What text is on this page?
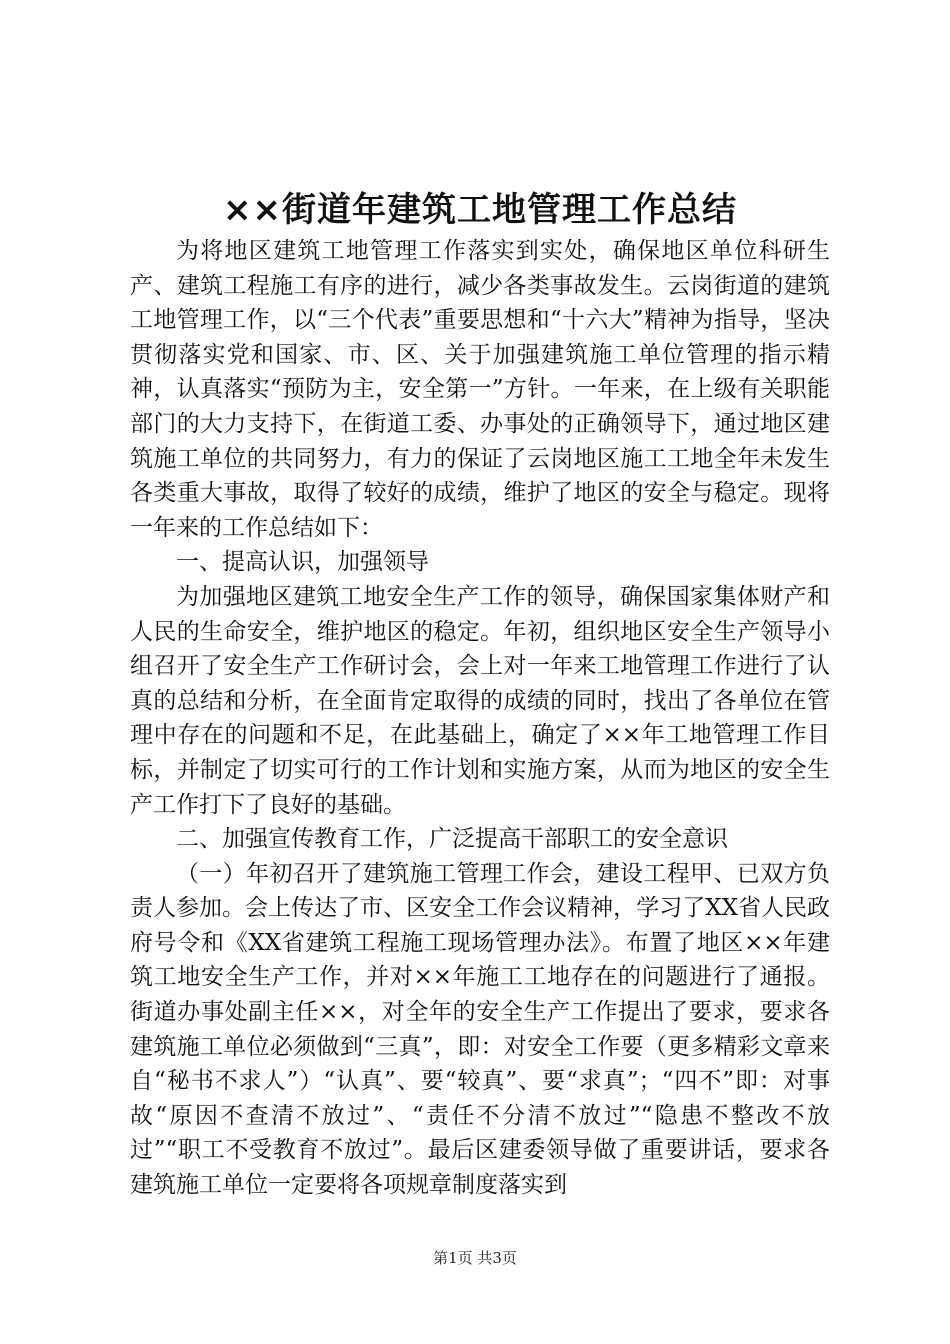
××街道年建筑工地管理工作总结

为将地区建筑工地管理工作落实到实处，确保地区单位科研生产、建筑工程施工有序的进行，减少各类事故发生。云岗街道的建筑工地管理工作，以“三个代表”重要思想和“十六大”精神为指导，坚决贯彻落实党和国家、市、区、关于加强建筑施工单位管理的指示精神，认真落实“预防为主，安全第一”方针。一年来，在上级有关职能部门的大力支持下，在街道工委、办事处的正确领导下，通过地区建筑施工单位的共同努力，有力的保证了云岗地区施工工地全年未发生各类重大事故，取得了较好的成绩，维护了地区的安全与稳定。现将一年来的工作总结如下：

一、提高认识，加强领导

为加强地区建筑工地安全生产工作的领导，确保国家集体财产和人民的生命安全，维护地区的稳定。年初，组织地区安全生产领导小组召开了安全生产工作研讨会，会上对一年来工地管理工作进行了认真的总结和分析，在全面肯定取得的成绩的同时，找出了各单位在管理中存在的问题和不足，在此基础上，确定了××年工地管理工作目标，并制定了切实可行的工作计划和实施方案，从而为地区的安全生产工作打下了良好的基础。

二、加强宣传教育工作，广泛提高干部职工的安全意识

（一）年初召开了建筑施工管理工作会，建设工程甲、已双方负责人参加。会上传达了市、区安全工作会议精神，学习了XX省人民政府号令和《XX省建筑工程施工现场管理办法》。布置了地区××年建筑工地安全生产工作，并对××年施工工地存在的问题进行了通报。街道办事处副主任××，对全年的安全生产工作提出了要求，要求各建筑施工单位必须做到“三真”，即：对安全工作要（更多精彩文章来自“秘书不求人”）“认真”、要“较真”、要“求真”；“四不”即：对事故“原因不查清不放过”、“责任不分清不放过”“隐患不整改不放过”“职工不受教育不放过”。最后区建委领导做了重要讲话，要求各建筑施工单位一定要将各项规章制度落实到

第1页 共3页
